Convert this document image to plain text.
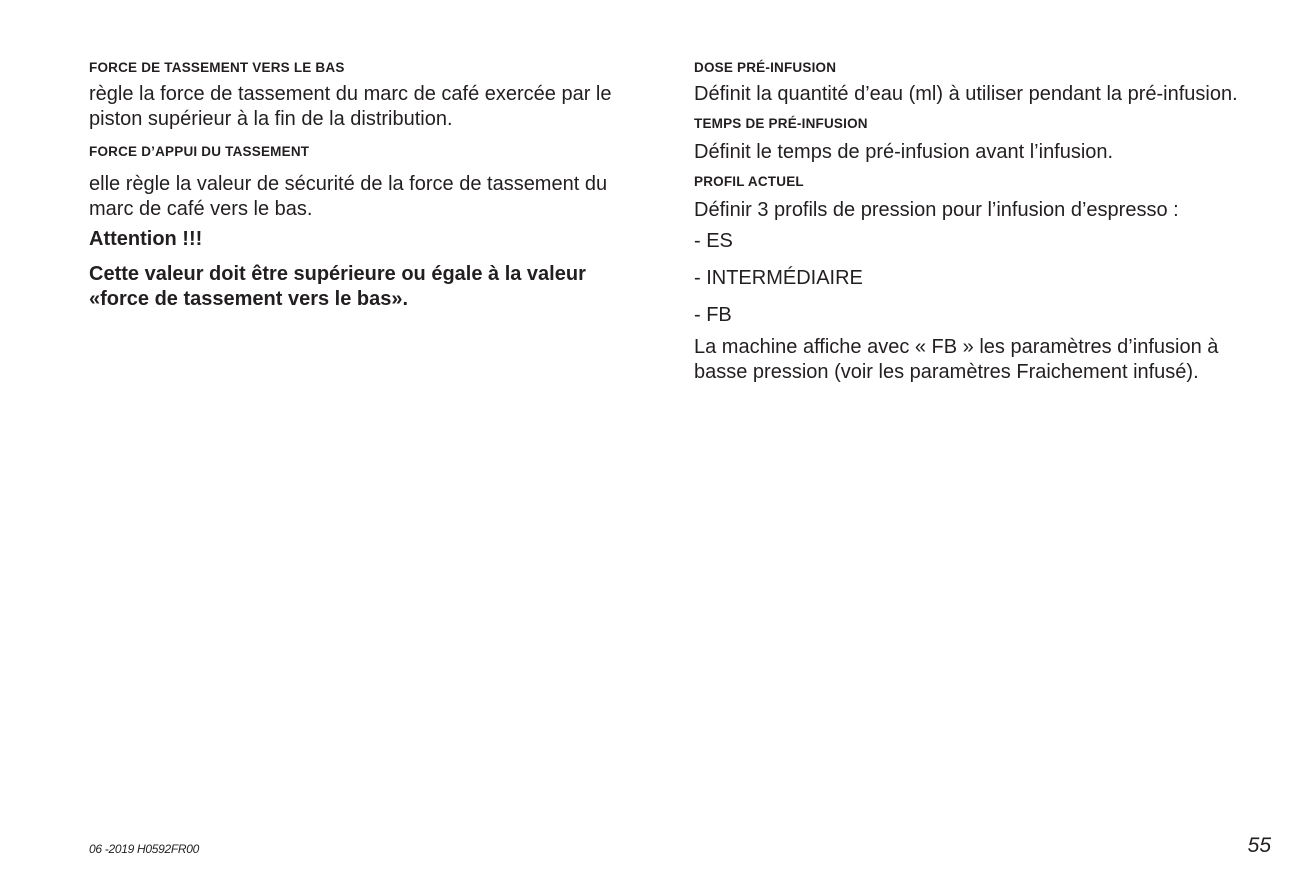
FORCE DE TASSEMENT VERS LE BAS

règle la force de tassement du marc de café exercée par le piston supérieur à la fin de la distribution.

FORCE D’APPUI DU TASSEMENT

elle règle la valeur de sécurité de la force de tassement du marc de café vers le bas.

Attention !!!

Cette valeur doit être supérieure ou égale à la valeur «force de tassement vers le bas».

DOSE PRÉ-INFUSION

Définit la quantité d’eau (ml) à utiliser pendant la pré-infusion.

TEMPS DE PRÉ-INFUSION

Définit le temps de pré-infusion avant l’infusion.

PROFIL ACTUEL

Définir 3 profils de pression pour l’infusion d’espresso :

- ES

- INTERMÉDIAIRE

- FB

La machine affiche avec « FB » les paramètres d’infusion à basse pression (voir les paramètres Fraichement infusé).

06 -2019 H0592FR00	55
